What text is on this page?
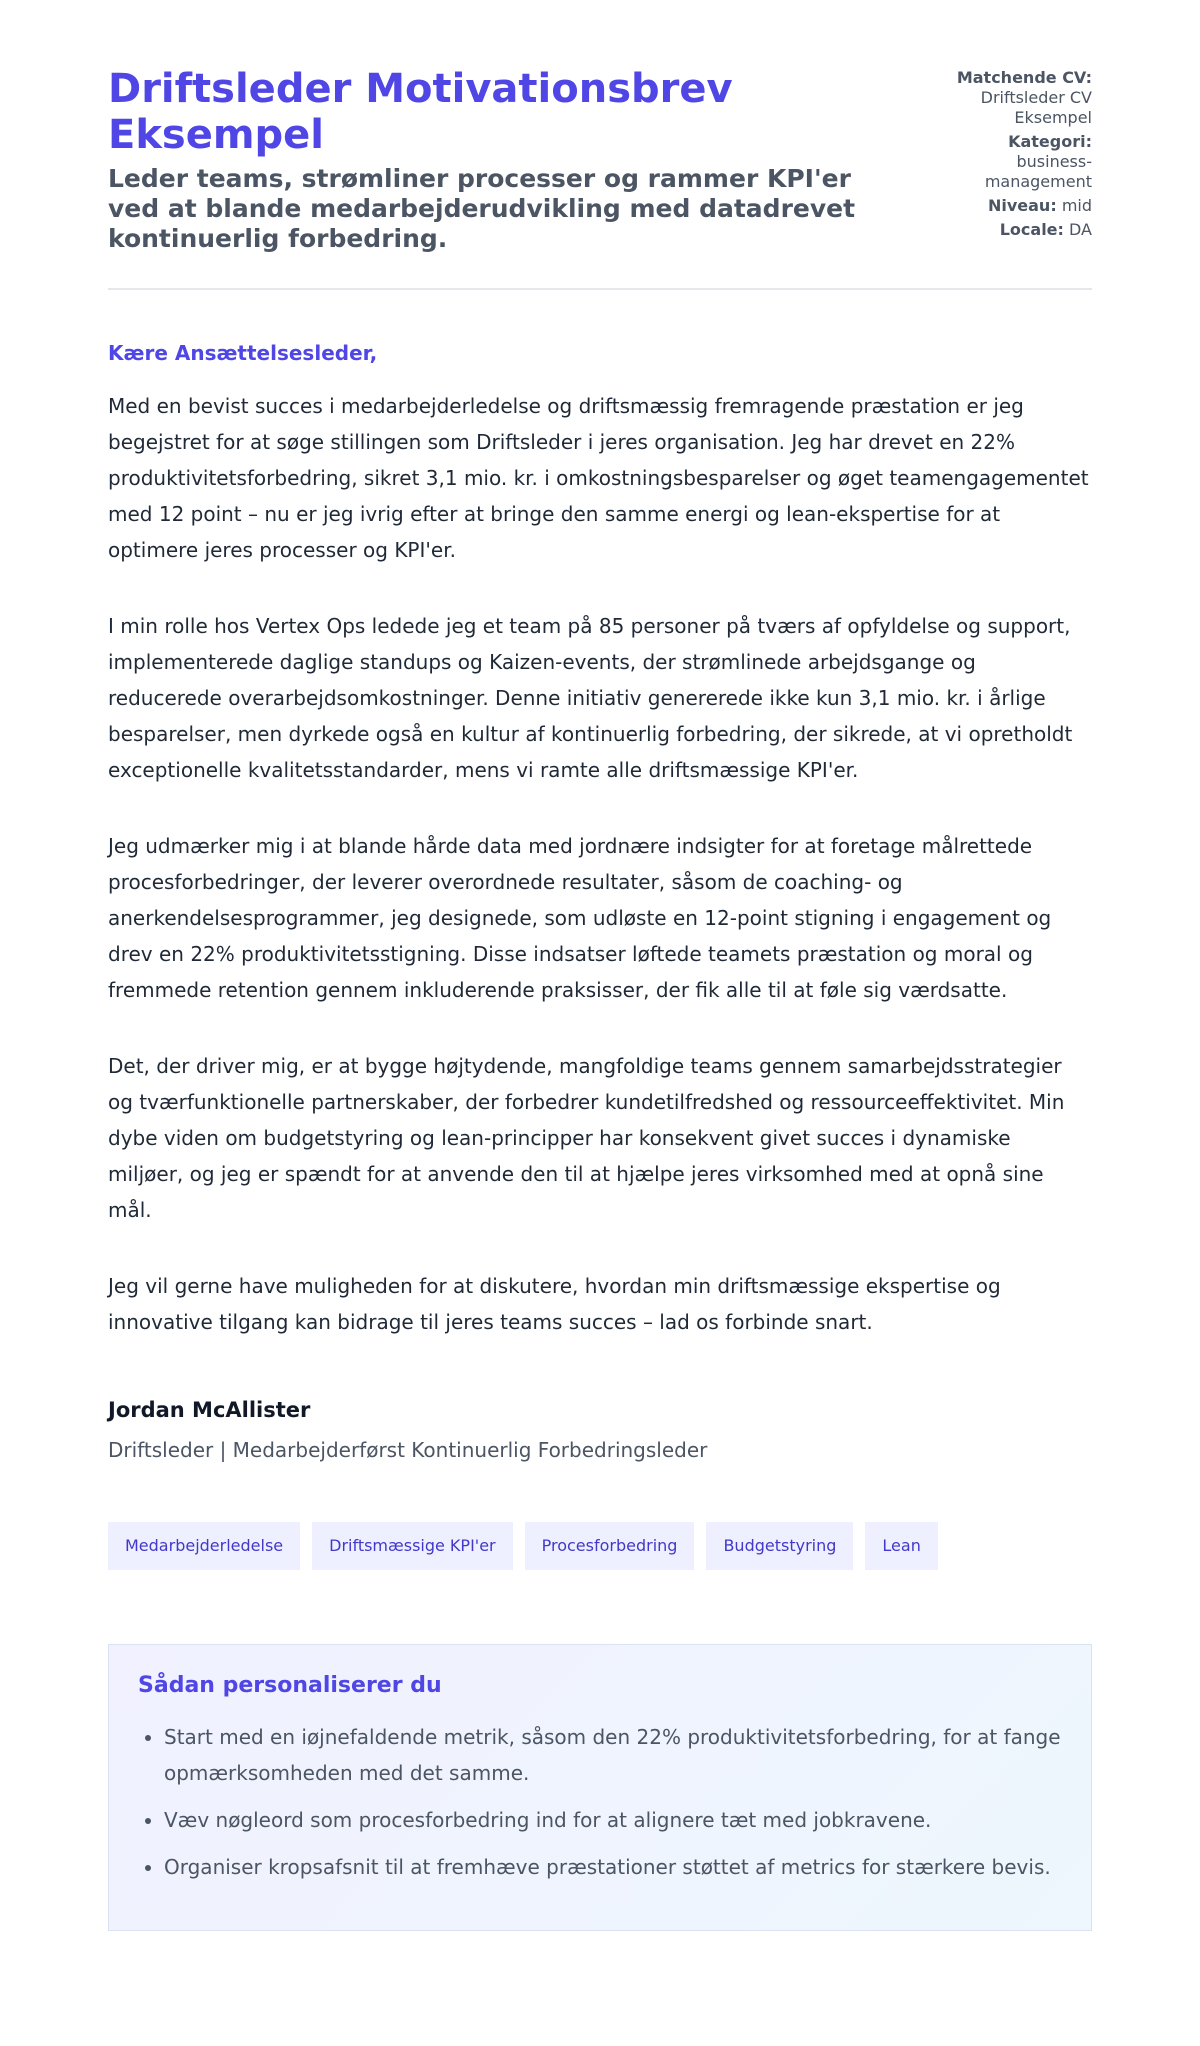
Driftsleder Motivationsbrev Eksempel

Leder teams, strømliner processer og rammer KPI'er ved at blande medarbejderudvikling med datadrevet kontinuerlig forbedring.

Matchende CV:
Driftsleder CV Eksempel
Kategori:
business-management
Niveau: mid
Locale: DA

Kære Ansættelsesleder,

Med en bevist succes i medarbejderledelse og driftsmæssig fremragende præstation er jeg begejstret for at søge stillingen som Driftsleder i jeres organisation. Jeg har drevet en 22% produktivitetsforbedring, sikret 3,1 mio. kr. i omkostningsbesparelser og øget teamengagementet med 12 point – nu er jeg ivrig efter at bringe den samme energi og lean-ekspertise for at optimere jeres processer og KPI'er.

I min rolle hos Vertex Ops ledede jeg et team på 85 personer på tværs af opfyldelse og support, implementerede daglige standups og Kaizen-events, der strømlinede arbejdsgange og reducerede overarbejdsomkostninger. Denne initiativ genererede ikke kun 3,1 mio. kr. i årlige besparelser, men dyrkede også en kultur af kontinuerlig forbedring, der sikrede, at vi opretholdt exceptionelle kvalitetsstandarder, mens vi ramte alle driftsmæssige KPI'er.

Jeg udmærker mig i at blande hårde data med jordnære indsigter for at foretage målrettede procesforbedringer, der leverer overordnede resultater, såsom de coaching- og anerkendelsesprogrammer, jeg designede, som udløste en 12-point stigning i engagement og drev en 22% produktivitetsstigning. Disse indsatser løftede teamets præstation og moral og fremmede retention gennem inkluderende praksisser, der fik alle til at føle sig værdsatte.

Det, der driver mig, er at bygge højtydende, mangfoldige teams gennem samarbejdsstrategier og tværfunktionelle partnerskaber, der forbedrer kundetilfredshed og ressourceeffektivitet. Min dybe viden om budgetstyring og lean-principper har konsekvent givet succes i dynamiske miljøer, og jeg er spændt for at anvende den til at hjælpe jeres virksomhed med at opnå sine mål.

Jeg vil gerne have muligheden for at diskutere, hvordan min driftsmæssige ekspertise og innovative tilgang kan bidrage til jeres teams succes – lad os forbinde snart.

Jordan McAllister
Driftsleder | Medarbejderførst Kontinuerlig Forbedringsleder
Medarbejderledelse	Driftsmæssige KPI'er	Procesforbedring	Budgetstyring	Lean
Sådan personaliserer du
• Start med en iøjnefaldende metrik, såsom den 22% produktivitetsforbedring, for at fange opmærksomheden med det samme.
• Væv nøgleord som procesforbedring ind for at alignere tæt med jobkravene.
• Organiser kropsafsnit til at fremhæve præstationer støttet af metrics for stærkere bevis.
